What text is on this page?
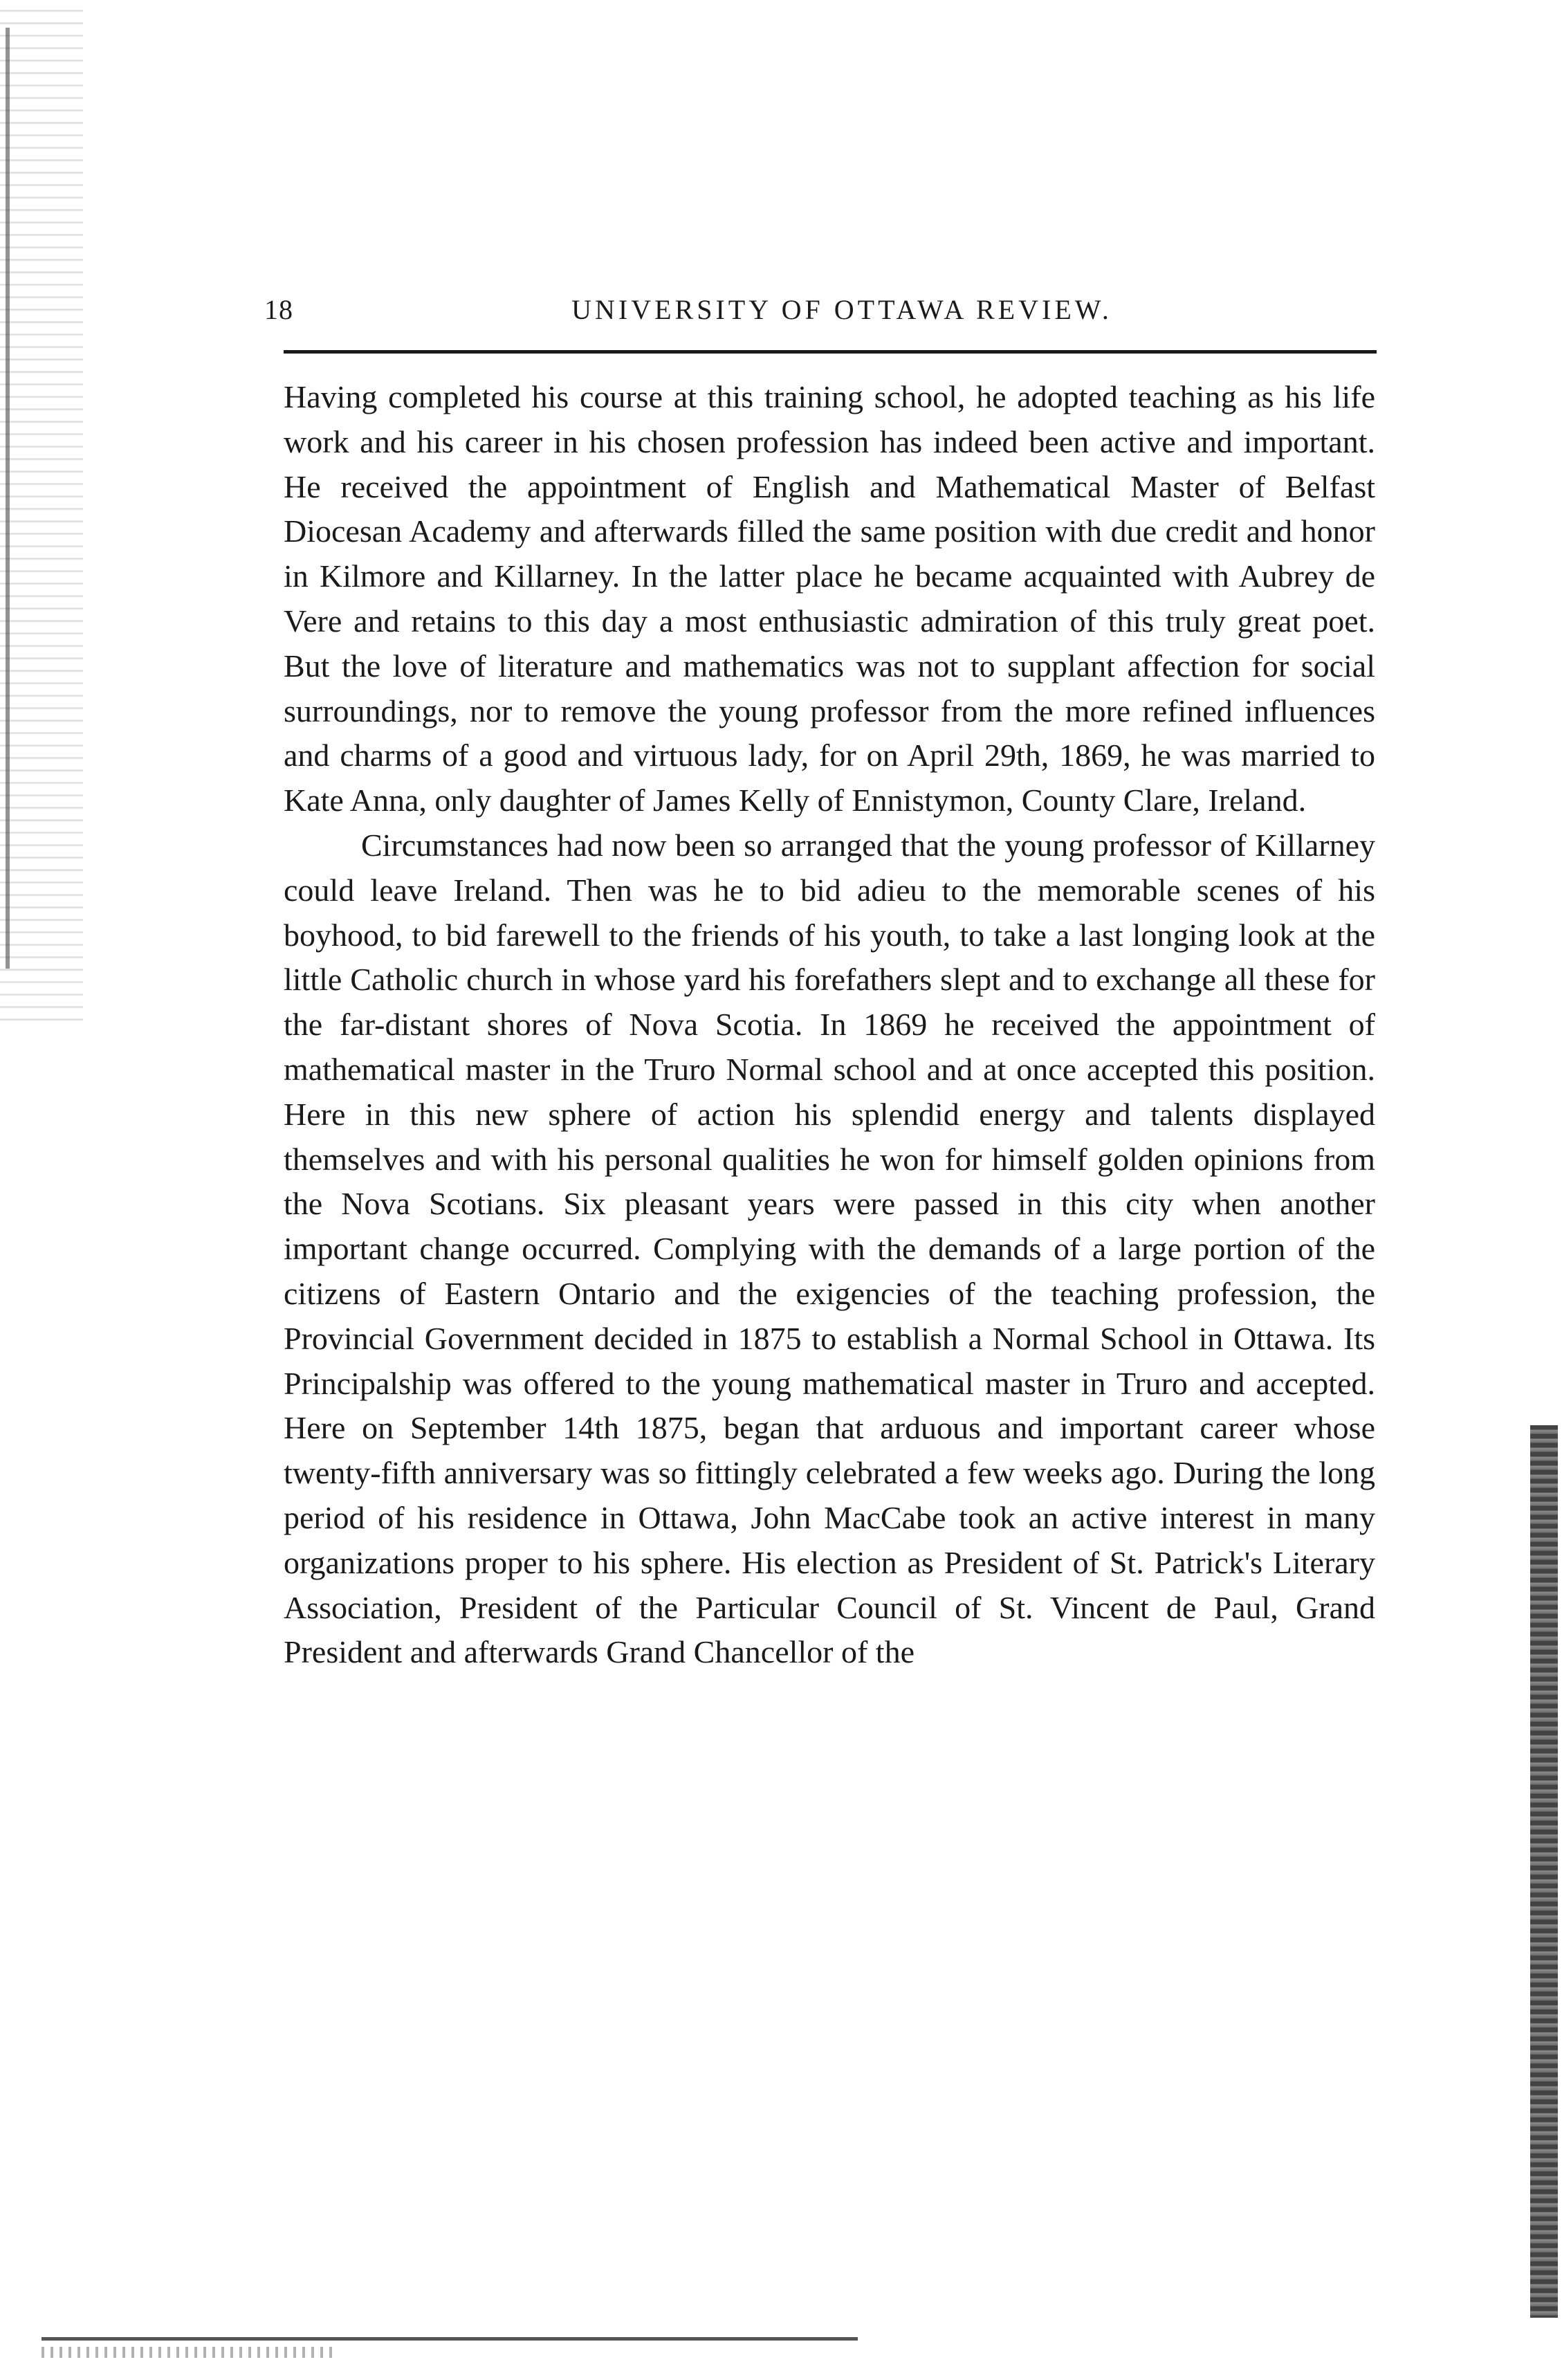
18	UNIVERSITY OF OTTAWA REVIEW.

Having completed his course at this training school, he adopted teaching as his life work and his career in his chosen profession has indeed been active and important. He received the appointment of English and Mathematical Master of Belfast Diocesan Academy and afterwards filled the same position with due credit and honor in Kilmore and Killarney. In the latter place he became acquainted with Aubrey de Vere and retains to this day a most enthusiastic admiration of this truly great poet. But the love of literature and mathematics was not to supplant affection for social surroundings, nor to remove the young professor from the more refined influences and charms of a good and virtuous lady, for on April 29th, 1869, he was married to Kate Anna, only daughter of James Kelly of Ennistymon, County Clare, Ireland.

Circumstances had now been so arranged that the young professor of Killarney could leave Ireland. Then was he to bid adieu to the memorable scenes of his boyhood, to bid farewell to the friends of his youth, to take a last longing look at the little Catholic church in whose yard his forefathers slept and to exchange all these for the far-distant shores of Nova Scotia. In 1869 he received the appointment of mathematical master in the Truro Normal school and at once accepted this position. Here in this new sphere of action his splendid energy and talents displayed themselves and with his personal qualities he won for himself golden opinions from the Nova Scotians. Six pleasant years were passed in this city when another important change occurred. Complying with the demands of a large portion of the citizens of Eastern Ontario and the exigencies of the teaching profession, the Provincial Government decided in 1875 to establish a Normal School in Ottawa. Its Principalship was offered to the young mathematical master in Truro and accepted. Here on September 14th 1875, began that arduous and important career whose twenty-fifth anniversary was so fittingly celebrated a few weeks ago. During the long period of his residence in Ottawa, John MacCabe took an active interest in many organizations proper to his sphere. His election as President of St. Patrick's Literary Association, President of the Particular Council of St. Vincent de Paul, Grand President and afterwards Grand Chancellor of the
